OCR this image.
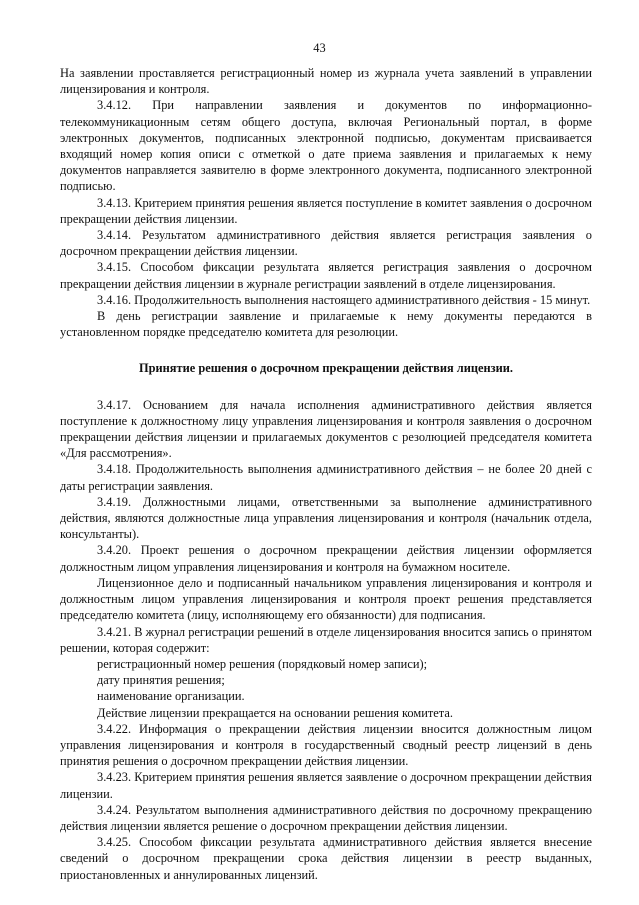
43

На заявлении проставляется регистрационный номер из журнала учета заявлений в управлении лицензирования и контроля.

3.4.12. При направлении заявления и документов по информационно-телекоммуникационным сетям общего доступа, включая Региональный портал, в форме электронных документов, подписанных электронной подписью, документам присваивается входящий номер копия описи с отметкой о дате приема заявления и прилагаемых к нему документов направляется заявителю в форме электронного документа, подписанного электронной подписью.

3.4.13. Критерием принятия решения является поступление в комитет заявления о досрочном прекращении действия лицензии.

3.4.14. Результатом административного действия является регистрация заявления о досрочном прекращении действия лицензии.

3.4.15. Способом фиксации результата является регистрация заявления о досрочном прекращении действия лицензии в журнале регистрации заявлений в отделе лицензирования.

3.4.16. Продолжительность выполнения настоящего административного действия - 15 минут.

В день регистрации заявление и прилагаемые к нему документы передаются в установленном порядке председателю комитета для резолюции.

Принятие решения о досрочном прекращении действия лицензии.

3.4.17. Основанием для начала исполнения административного действия является поступление к должностному лицу управления лицензирования и контроля заявления о досрочном прекращении действия лицензии и прилагаемых документов с резолюцией председателя комитета «Для рассмотрения».

3.4.18. Продолжительность выполнения административного действия – не более 20 дней с даты регистрации заявления.

3.4.19. Должностными лицами, ответственными за выполнение административного действия, являются должностные лица управления лицензирования и контроля (начальник отдела, консультанты).

3.4.20. Проект решения о досрочном прекращении действия лицензии оформляется должностным лицом управления лицензирования и контроля на бумажном носителе.

Лицензионное дело и подписанный начальником управления лицензирования и контроля и должностным лицом управления лицензирования и контроля проект решения представляется председателю комитета (лицу, исполняющему его обязанности) для подписания.

3.4.21. В журнал регистрации решений в отделе лицензирования вносится запись о принятом решении, которая содержит:

регистрационный номер решения (порядковый номер записи);

дату принятия решения;

наименование организации.

Действие лицензии прекращается на основании решения комитета.

3.4.22. Информация о прекращении действия лицензии вносится должностным лицом управления лицензирования и контроля в государственный сводный реестр лицензий в день принятия решения о досрочном прекращении действия лицензии.

3.4.23. Критерием принятия решения является заявление о досрочном прекращении действия лицензии.

3.4.24. Результатом выполнения административного действия по досрочному прекращению действия лицензии является решение о досрочном прекращении действия лицензии.

3.4.25. Способом фиксации результата административного действия является внесение сведений о досрочном прекращении срока действия лицензии в реестр выданных, приостановленных и аннулированных лицензий.
